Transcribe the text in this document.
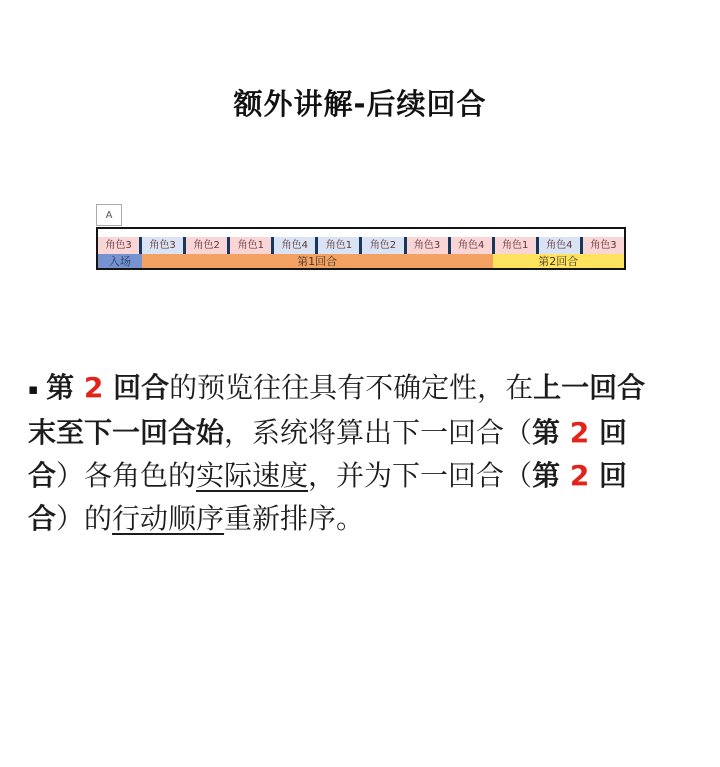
额外讲解-后续回合
A
角色3	角色3	角色2	角色1	角色4	角色1	角色2	角色3	角色4	角色1	角色4	角色3
入场	第1回合	第2回合
▪ 第 2 回合的预览往往具有不确定性，在上一回合
末至下一回合始，系统将算出下一回合（第 2 回
合）各角色的实际速度，并为下一回合（第 2 回
合）的行动顺序重新排序。
